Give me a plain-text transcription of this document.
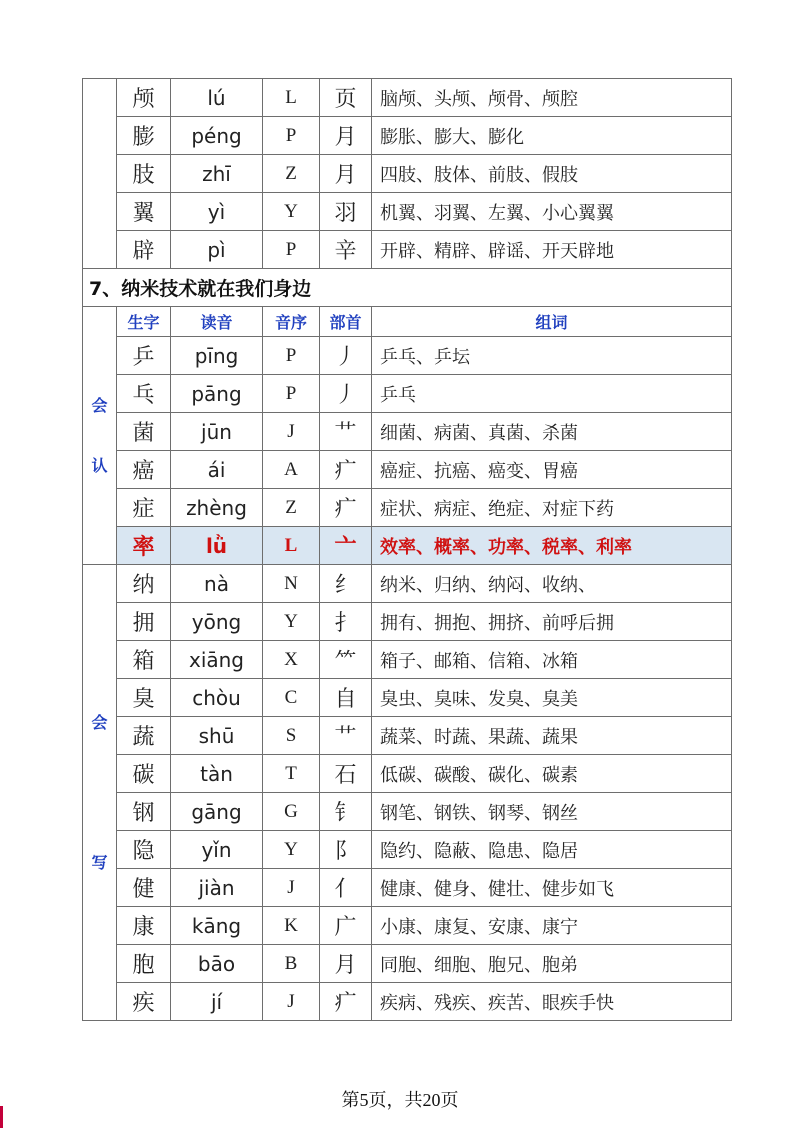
	颅	lú	L	页	脑颅、头颅、颅骨、颅腔
	膨	péng	P	月	膨胀、膨大、膨化
	肢	zhī	Z	月	四肢、肢体、前肢、假肢
	翼	yì	Y	羽	机翼、羽翼、左翼、小心翼翼
	辟	pì	P	辛	开辟、精辟、辟谣、开天辟地
7、纳米技术就在我们身边					

会
认	生字	读音	音序	部首	组词
	乒	pīng	P	丿	乒乓、乒坛
	乓	pāng	P	丿	乒乓
	菌	jūn	J	艹	细菌、病菌、真菌、杀菌
	癌	ái	A	疒	癌症、抗癌、癌变、胃癌
	症	zhèng	Z	疒	症状、病症、绝症、对症下药
	率	lǜ	L	亠	效率、概率、功率、税率、利率

会
写	纳	nà	N	纟	纳米、归纳、纳闷、收纳、
	拥	yōng	Y	扌	拥有、拥抱、拥挤、前呼后拥
	箱	xiāng	X	⺮	箱子、邮箱、信箱、冰箱
	臭	chòu	C	自	臭虫、臭味、发臭、臭美
	蔬	shū	S	艹	蔬菜、时蔬、果蔬、蔬果
	碳	tàn	T	石	低碳、碳酸、碳化、碳素
	钢	gāng	G	钅	钢笔、钢铁、钢琴、钢丝
	隐	yǐn	Y	阝	隐约、隐蔽、隐患、隐居
	健	jiàn	J	亻	健康、健身、健壮、健步如飞
	康	kāng	K	广	小康、康复、安康、康宁
	胞	bāo	B	月	同胞、细胞、胞兄、胞弟
	疾	jí	J	疒	疾病、残疾、疾苦、眼疾手快
第5页，共20页
